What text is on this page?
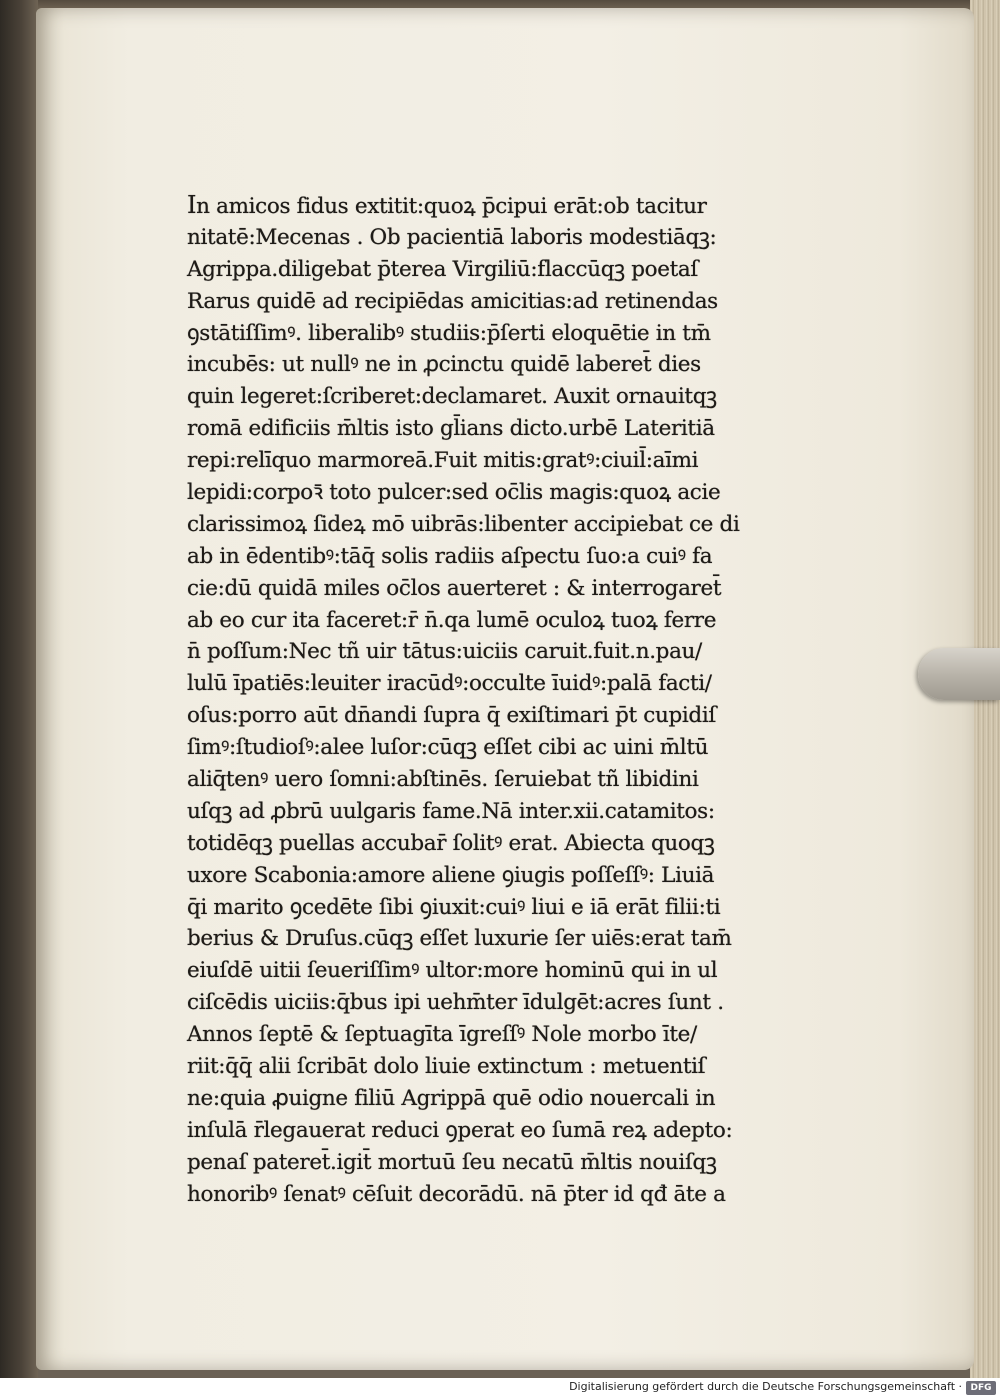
In amicos fidus extitit:quoꝝ p̄cipui erāt:ob tacitur
nitatē:Mecenas . Ob pacientiā laboris modestiāqꝫ:
Agrippa.diligebat p̄terea Virgiliū:flaccūqꝫ poetaſ
Rarus quidē ad recipiēdas amicitias:ad retinendas
ꝯstātiſſimꝰ. liberalibꝰ studiis:p̄ſerti eloquētie in tm̄
incubēs: ut nullꝰ ne in ꝓcinctu quidē laberet̄ dies
quin legeret:ſcriberet:declamaret. Auxit ornauitqꝫ
romā edificiis m̄ltis isto gl̄ians dicto.urbē Lateritiā
repi:relīquo marmoreā.Fuit mitis:gratꝰ:ciuil̄:aīmi
lepidi:corpoꝛ̄ toto pulcer:sed oc̄lis magis:quoꝝ acie
clarissimoꝝ ſideꝝ mō uibrās:libenter accipiebat ce di
ab in ēdentibꝰ:tāq̄ solis radiis aſpectu ſuo:a cuiꝰ fa
cie:dū quidā miles oc̄los auerteret : & interrogaret̄
ab eo cur ita faceret:r̄ n̄.qa lumē oculoꝝ tuoꝝ ferre
n̄ poſſum:Nec tñ uir tātus:uiciis caruit.fuit.n.pau/
lulū īpatiēs:leuiter iracūdꝰ:occulte īuidꝰ:palā facti/
oſus:porro aūt dn̄andi ſupra q̄ exiſtimari p̄t cupidiſ
ſimꝰ:ſtudioſꝰ:alee luſor:cūqꝫ eſſet cibi ac uini m̄ltū
aliq̄tenꝰ uero ſomni:abſtinēs. ſeruiebat tñ libidini
uſqꝫ ad ꝓbrū uulgaris fame.Nā inter.xii.catamitos:
totidēqꝫ puellas accubar̄ ſolitꝰ erat. Abiecta quoqꝫ
uxore Scabonia:amore aliene ꝯiugis poſſeſſꝰ: Liuiā
q̄i marito ꝯcedēte ſibi ꝯiuxit:cuiꝰ liui e iā erāt filii:ti
berius & Druſus.cūqꝫ eſſet luxurie ſer uiēs:erat tam̄
eiuſdē uitii ſeueriſſimꝰ ultor:more hominū qui in ul
ciſcēdis uiciis:q̄bus ipi uehm̄ter īdulgēt:acres ſunt .
Annos ſeptē & ſeptuagīta īgreſſꝰ Nole morbo īte/
riit:q̄q̄ alii ſcribāt dolo liuie extinctum : metuentiſ
ne:quia ꝓuigne filiū Agrippā quē odio nouercali in
inſulā r̄legauerat reduci ꝯperat eo ſumā reꝝ adepto:
penaſ pateret̄.igit̄ mortuū ſeu necatū m̄ltis nouiſqꝫ
honoribꝰ ſenatꝰ cēſuit decorādū. nā p̄ter id qđ āte a
Digitalisierung gefördert durch die Deutsche Forschungsgemeinschaft · DFG
